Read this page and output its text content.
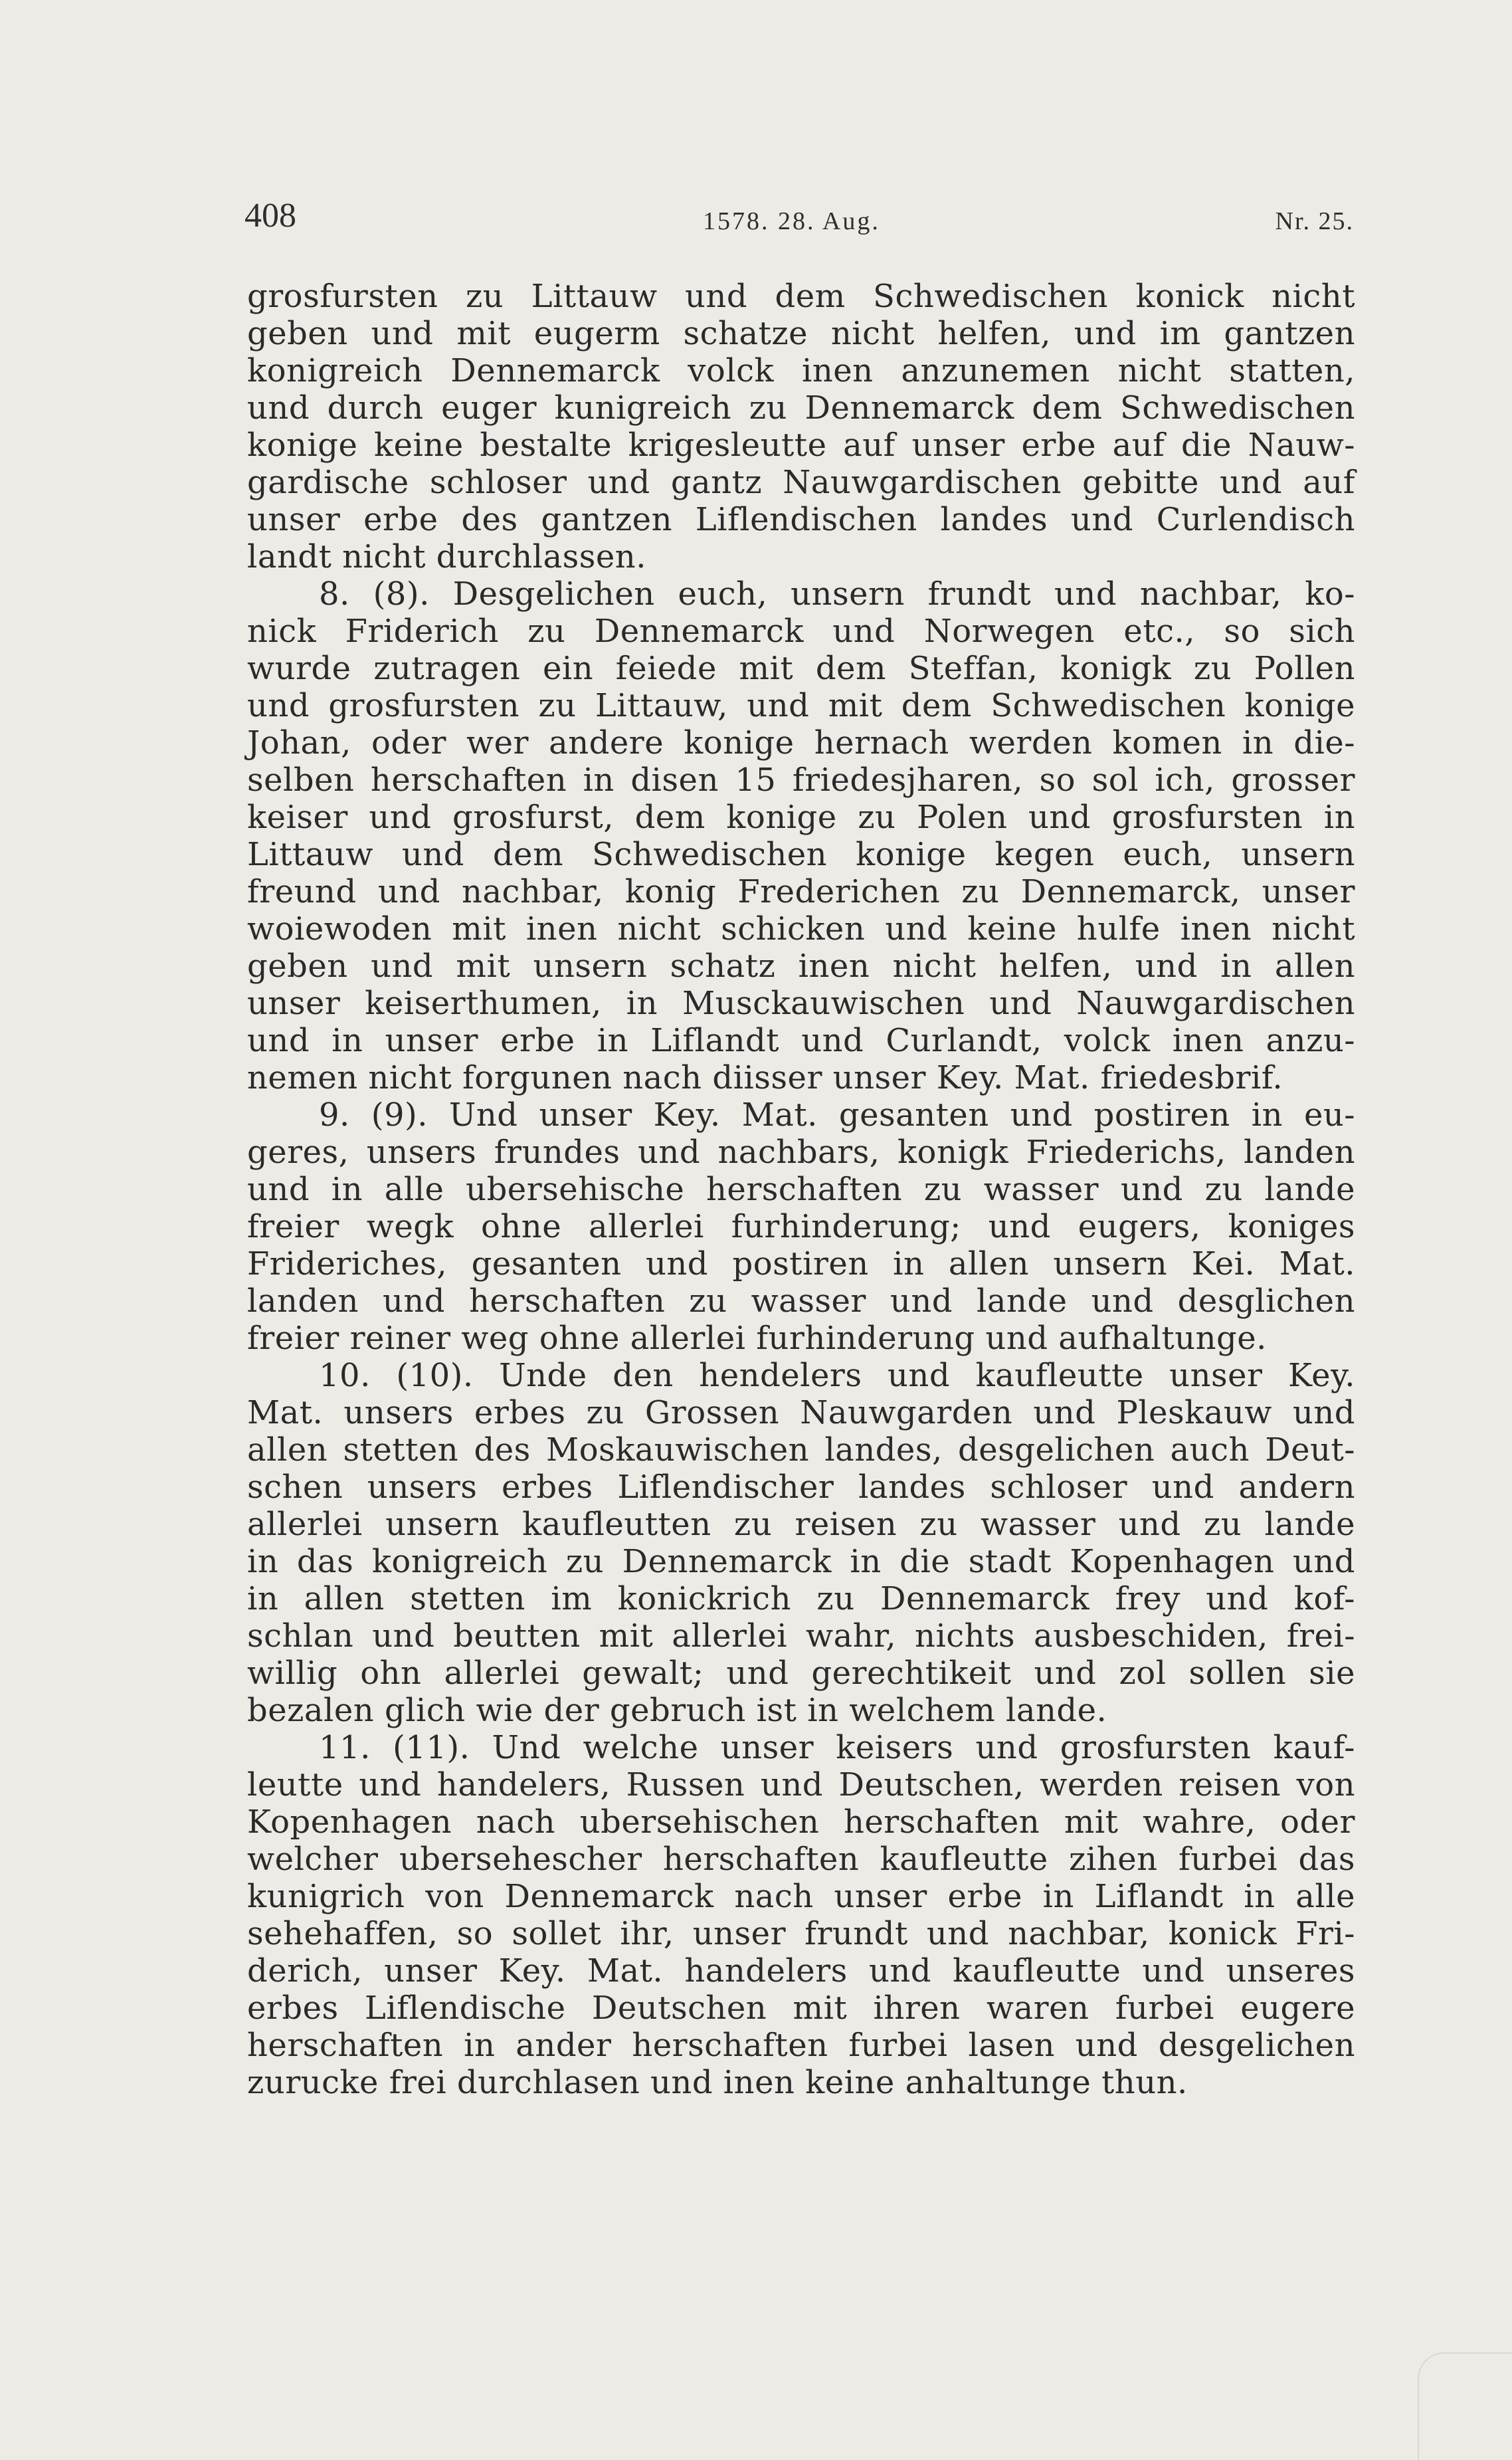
408	1578. 28. Aug.	Nr. 25.
grosfursten zu Littauw und dem Schwedischen konick nicht
geben und mit eugerm schatze nicht helfen, und im gantzen
konigreich Dennemarck volck inen anzunemen nicht statten,
und durch euger kunigreich zu Dennemarck dem Schwedischen
konige keine bestalte krigesleutte auf unser erbe auf die Nauw-
gardische schloser und gantz Nauwgardischen gebitte und auf
unser erbe des gantzen Liflendischen landes und Curlendisch
landt nicht durchlassen.
8. (8). Desgelichen euch, unsern frundt und nachbar, ko-
nick Friderich zu Dennemarck und Norwegen etc., so sich
wurde zutragen ein feiede mit dem Steffan, konigk zu Pollen
und grosfursten zu Littauw, und mit dem Schwedischen konige
Johan, oder wer andere konige hernach werden komen in die-
selben herschaften in disen 15 friedesjharen, so sol ich, grosser
keiser und grosfurst, dem konige zu Polen und grosfursten in
Littauw und dem Schwedischen konige kegen euch, unsern
freund und nachbar, konig Frederichen zu Dennemarck, unser
woiewoden mit inen nicht schicken und keine hulfe inen nicht
geben und mit unsern schatz inen nicht helfen, und in allen
unser keiserthumen, in Musckauwischen und Nauwgardischen
und in unser erbe in Liflandt und Curlandt, volck inen anzu-
nemen nicht forgunen nach diisser unser Key. Mat. friedesbrif.
9. (9). Und unser Key. Mat. gesanten und postiren in eu-
geres, unsers frundes und nachbars, konigk Friederichs, landen
und in alle ubersehische herschaften zu wasser und zu lande
freier wegk ohne allerlei furhinderung; und eugers, koniges
Frideriches, gesanten und postiren in allen unsern Kei. Mat.
landen und herschaften zu wasser und lande und desglichen
freier reiner weg ohne allerlei furhinderung und aufhaltunge.
10. (10). Unde den hendelers und kaufleutte unser Key.
Mat. unsers erbes zu Grossen Nauwgarden und Pleskauw und
allen stetten des Moskauwischen landes, desgelichen auch Deut-
schen unsers erbes Liflendischer landes schloser und andern
allerlei unsern kaufleutten zu reisen zu wasser und zu lande
in das konigreich zu Dennemarck in die stadt Kopenhagen und
in allen stetten im konickrich zu Dennemarck frey und kof-
schlan und beutten mit allerlei wahr, nichts ausbeschiden, frei-
willig ohn allerlei gewalt; und gerechtikeit und zol sollen sie
bezalen glich wie der gebruch ist in welchem lande.
11. (11). Und welche unser keisers und grosfursten kauf-
leutte und handelers, Russen und Deutschen, werden reisen von
Kopenhagen nach ubersehischen herschaften mit wahre, oder
welcher ubersehescher herschaften kaufleutte zihen furbei das
kunigrich von Dennemarck nach unser erbe in Liflandt in alle
sehehaffen, so sollet ihr, unser frundt und nachbar, konick Fri-
derich, unser Key. Mat. handelers und kaufleutte und unseres
erbes Liflendische Deutschen mit ihren waren furbei eugere
herschaften in ander herschaften furbei lasen und desgelichen
zurucke frei durchlasen und inen keine anhaltunge thun.
